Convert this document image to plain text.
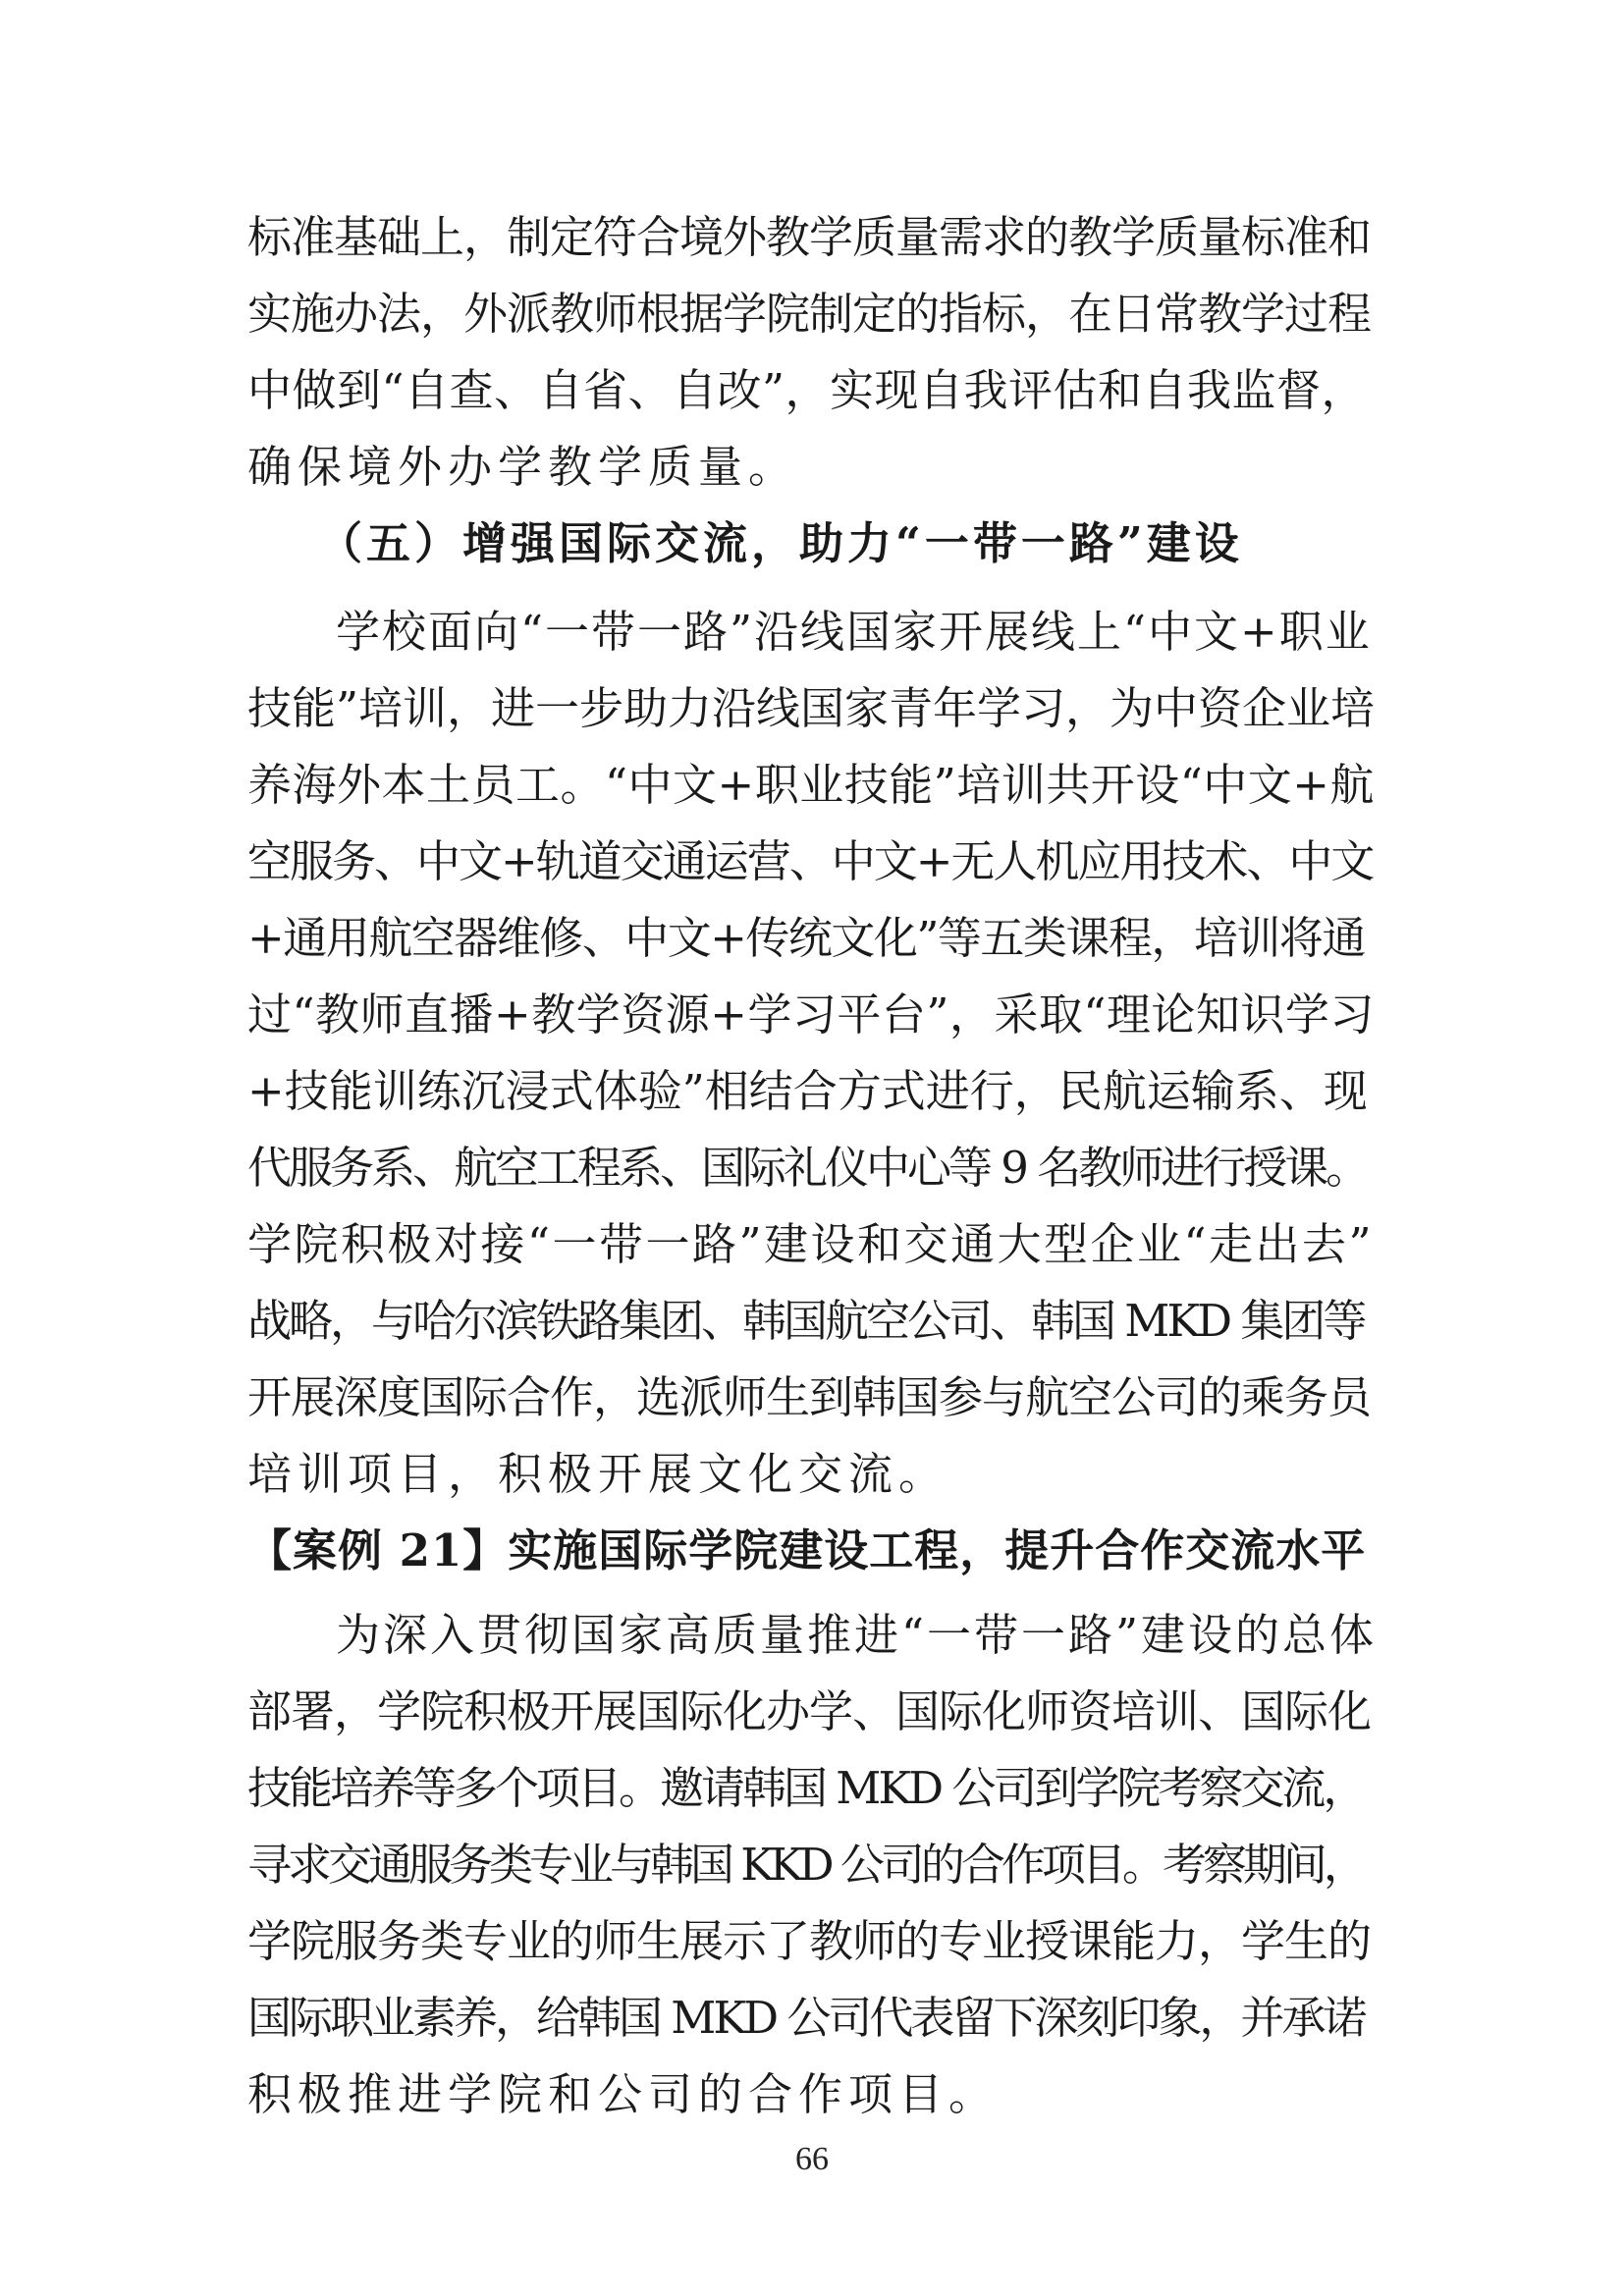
标准基础上，制定符合境外教学质量需求的教学质量标准和
实施办法，外派教师根据学院制定的指标，在日常教学过程
中做到“自查、自省、自改”，实现自我评估和自我监督，
确保境外办学教学质量。
（五）增强国际交流，助力“一带一路”建设
学校面向“一带一路”沿线国家开展线上“中文+职业
技能”培训，进一步助力沿线国家青年学习，为中资企业培
养海外本土员工。“中文+职业技能”培训共开设“中文+航
空服务、中文+轨道交通运营、中文+无人机应用技术、中文
+通用航空器维修、中文+传统文化”等五类课程，培训将通
过“教师直播+教学资源+学习平台”，采取“理论知识学习
+技能训练沉浸式体验”相结合方式进行，民航运输系、现
代服务系、航空工程系、国际礼仪中心等 9 名教师进行授课。
学院积极对接“一带一路”建设和交通大型企业“走出去”
战略，与哈尔滨铁路集团、韩国航空公司、韩国 MKD 集团等
开展深度国际合作，选派师生到韩国参与航空公司的乘务员
培训项目，积极开展文化交流。
【案例 21】实施国际学院建设工程，提升合作交流水平
为深入贯彻国家高质量推进“一带一路”建设的总体
部署，学院积极开展国际化办学、国际化师资培训、国际化
技能培养等多个项目。邀请韩国 MKD 公司到学院考察交流，
寻求交通服务类专业与韩国 KKD 公司的合作项目。考察期间，
学院服务类专业的师生展示了教师的专业授课能力，学生的
国际职业素养，给韩国 MKD 公司代表留下深刻印象，并承诺
积极推进学院和公司的合作项目。
66
